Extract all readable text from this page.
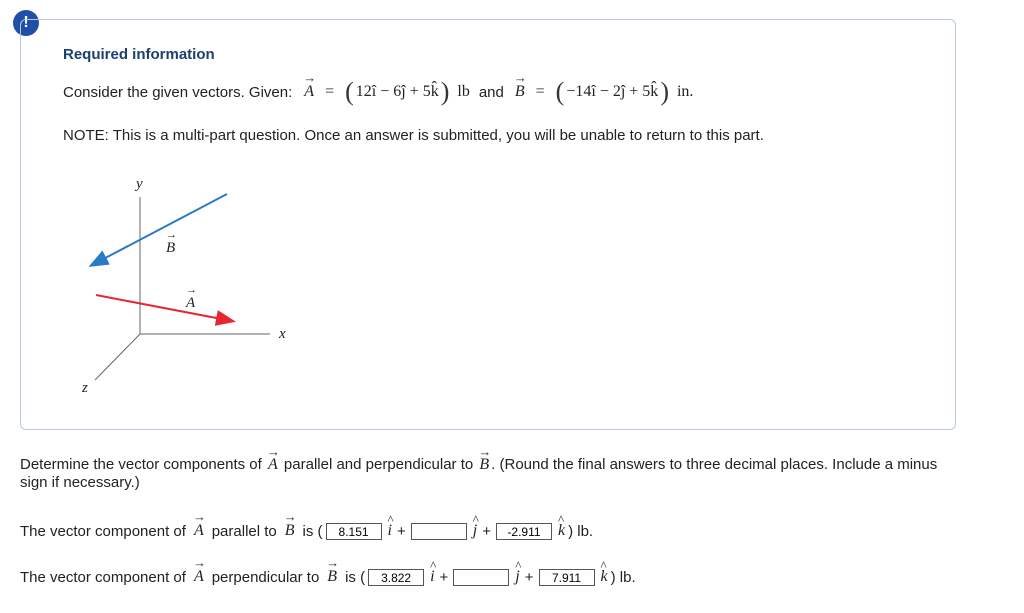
!
Required information
Consider the given vectors. Given: → A = ( 12î − 6ĵ + 5k̂ ) lb and → B = ( −14î − 2ĵ + 5k̂ ) in.
NOTE: This is a multi-part question. Once an answer is submitted, you will be unable to return to this part.
y
x
z
B
→
A
→
Determine the vector components of → A parallel and perpendicular to → B . (Round the final answers to three decimal places. Include a minus sign if necessary.)
The vector component of → A parallel to → B is (	8.151	^ i +	^ j +	-2.911	^ k ) lb.
The vector component of → A perpendicular to → B is (	3.822	^ i +	^ j +	7.911	^ k ) lb.
